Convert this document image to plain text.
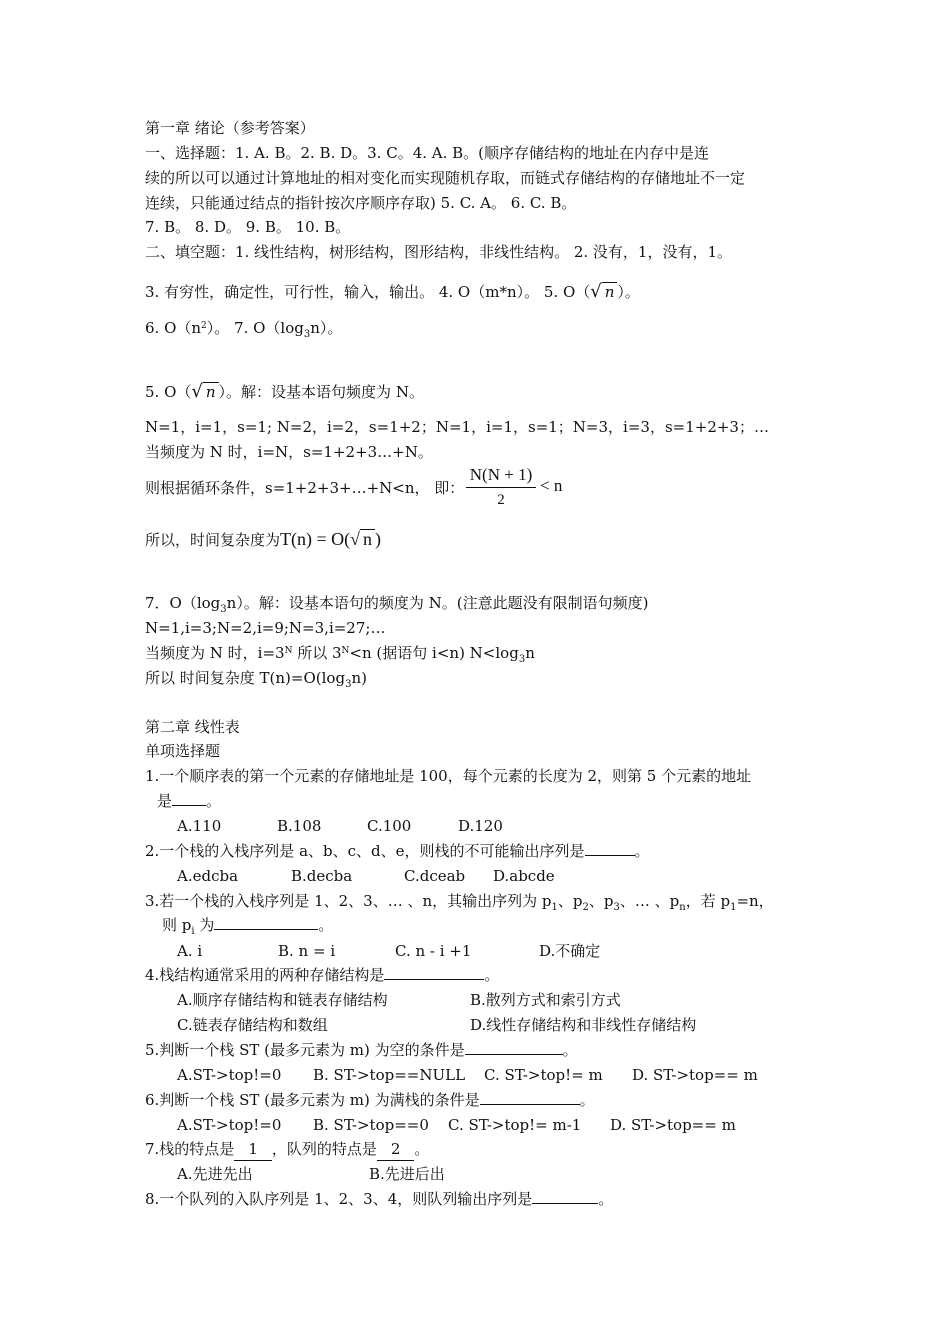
第一章 绪论（参考答案）
一、选择题：1. A. B。2. B. D。3. C。4. A. B。(顺序存储结构的地址在内存中是连
续的所以可以通过计算地址的相对变化而实现随机存取，而链式存储结构的存储地址不一定
连续，只能通过结点的指针按次序顺序存取) 5. C. A。 6. C. B。
7. B。 8. D。 9. B。 10. B。
二、填空题：1. 线性结构，树形结构，图形结构，非线性结构。 2. 没有，1，没有，1。
3. 有穷性，确定性，可行性，输入，输出。 4. O（m*n）。 5. O（√ n ）。
6. $O(n^2)$。 7. $O(\log_3n)$。
5. O（√ n ）。解：设基本语句频度为 N。
N=1，i=1，s=1; N=2，i=2，s=1+2；N=1，i=1，s=1；N=3，i=3，s=1+2+3；…
当频度为 N 时，i=N，s=1+2+3…+N。
则根据循环条件，s=1+2+3+…+N<n， 即： $\frac{N(N + 1)}{2} < n$
所以，时间复杂度为T(n) = O(√ n )
7．$O(\log_3n)$。解：设基本语句的频度为 N。(注意此题没有限制语句频度)
N=1,i=3;N=2,i=9;N=3,i=27;…
当频度为 N 时，$i=3^N$ 所以 $3^N<n$ (据语句 i<n) $N<\log_3n$
所以 时间复杂度 $T(n)=O(\log_3n)$
第二章 线性表
单项选择题
1.一个顺序表的第一个元素的存储地址是 100，每个元素的长度为 2，则第 5 个元素的地址
是 。
A.110	B.108	C.100	D.120
2.一个栈的入栈序列是 a、b、c、d、e，则栈的不可能输出序列是	。
A.edcba	B.decba	C.dceab D.abcde
3.若一个栈的入栈序列是 1、2、3、… 、n，其输出序列为 $p_1$、$p_2$、$p_3$、… 、$p_n$，若 $p_1=n$，
则 $p_i$ 为	。
A. i	B. n = i	C. n - i +1	D.不确定
4.栈结构通常采用的两种存储结构是	。
A.顺序存储结构和链表存储结构	B.散列方式和索引方式
C.链表存储结构和数组	D.线性存储结构和非线性存储结构
5.判断一个栈 ST (最多元素为 m) 为空的条件是	。
A.ST->top!=0 B. ST->top==NULL C. ST->top!= m D. ST->top== m
6.判断一个栈 ST (最多元素为 m) 为满栈的条件是	。
A.ST->top!=0 B. ST->top==0 C. ST->top!= m-1 D. ST->top== m
7.栈的特点是 1 ，队列的特点是 2 。
A.先进先出	B.先进后出
8.一个队列的入队序列是 1、2、3、4，则队列输出序列是	。
